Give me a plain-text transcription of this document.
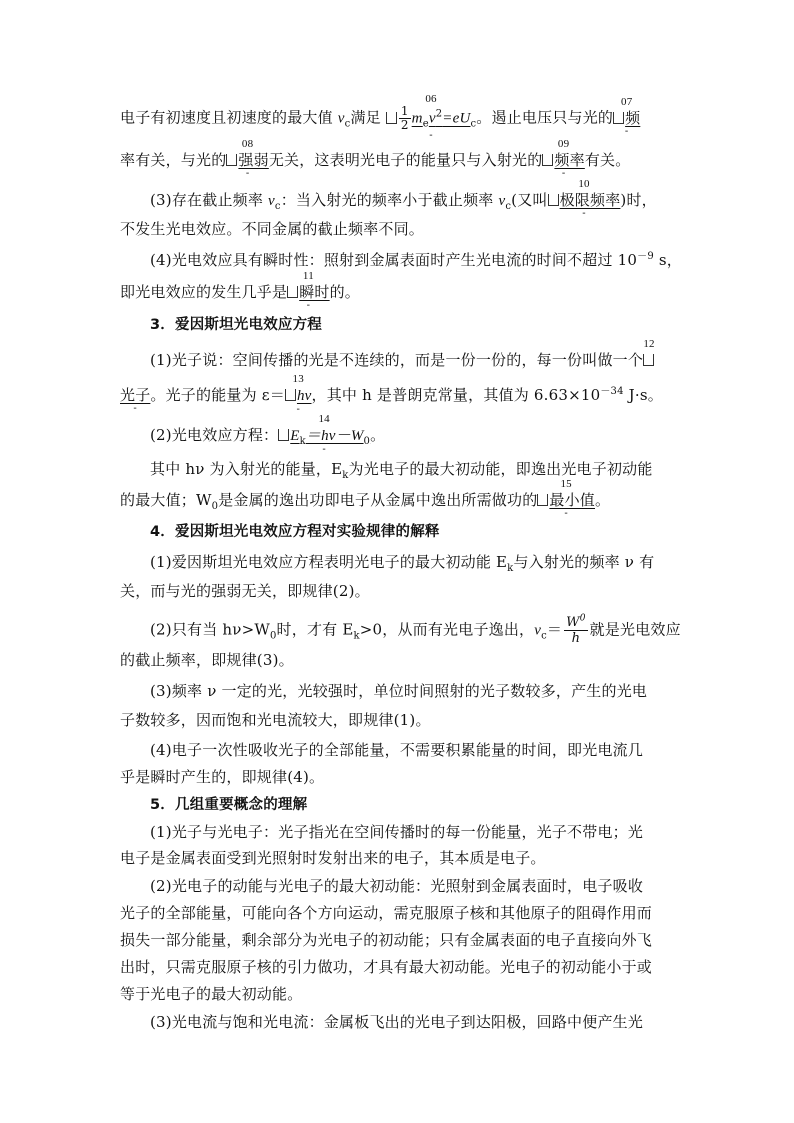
电子有初速度且初速度的最大值 $v_c$满足
06
$\frac{1}{2} m_ev^2=eU_c$
-
。遏止电压只与光的
07
频
-
率有关，与光的
08
强弱
-
无关，这表明光电子的能量只与入射光的
09
频率
-
有关。
(3)存在截止频率 $\nu_c$：当入射光的频率小于截止频率 $\nu_c$(又叫
10
极限频率
-
)时，
不发生光电效应。不同金属的截止频率不同。
(4)光电效应具有瞬时性：照射到金属表面时产生光电流的时间不超过 $10^{-9}$ s，
即光电效应的发生几乎是
11
瞬时
-
的。
3．爱因斯坦光电效应方程
(1)光子说：空间传播的光是不连续的，而是一份一份的，每一份叫做一个
12
光子
-
。光子的能量为 ε＝
13
hν
-
，其中 h 是普朗克常量，其值为 $6.63\times 10^{-34}$ J·s。
(2)光电效应方程：
14
$E_k=h\nu-W_0$
-
。
其中 hν 为入射光的能量，$E_k$为光电子的最大初动能，即逸出光电子初动能
的最大值；$W_0$是金属的逸出功即电子从金属中逸出所需做功的
15
最小值
-
。
4．爱因斯坦光电效应方程对实验规律的解释
(1)爱因斯坦光电效应方程表明光电子的最大初动能 $E_k$与入射光的频率 ν 有
关，而与光的强弱无关，即规律(2)。
(2)只有当 $h\nu>W_0$时，才有 $E_k>0$，从而有光电子逸出，$\nu_c= \frac{W^0}{h}$ 就是光电效应
的截止频率，即规律(3)。
(3)频率 ν 一定的光，光较强时，单位时间照射的光子数较多，产生的光电
子数较多，因而饱和光电流较大，即规律(1)。
(4)电子一次性吸收光子的全部能量，不需要积累能量的时间，即光电流几
乎是瞬时产生的，即规律(4)。
5．几组重要概念的理解
(1)光子与光电子：光子指光在空间传播时的每一份能量，光子不带电；光
电子是金属表面受到光照射时发射出来的电子，其本质是电子。
(2)光电子的动能与光电子的最大初动能：光照射到金属表面时，电子吸收
光子的全部能量，可能向各个方向运动，需克服原子核和其他原子的阻碍作用而
损失一部分能量，剩余部分为光电子的初动能；只有金属表面的电子直接向外飞
出时，只需克服原子核的引力做功，才具有最大初动能。光电子的初动能小于或
等于光电子的最大初动能。
(3)光电流与饱和光电流：金属板飞出的光电子到达阳极，回路中便产生光
